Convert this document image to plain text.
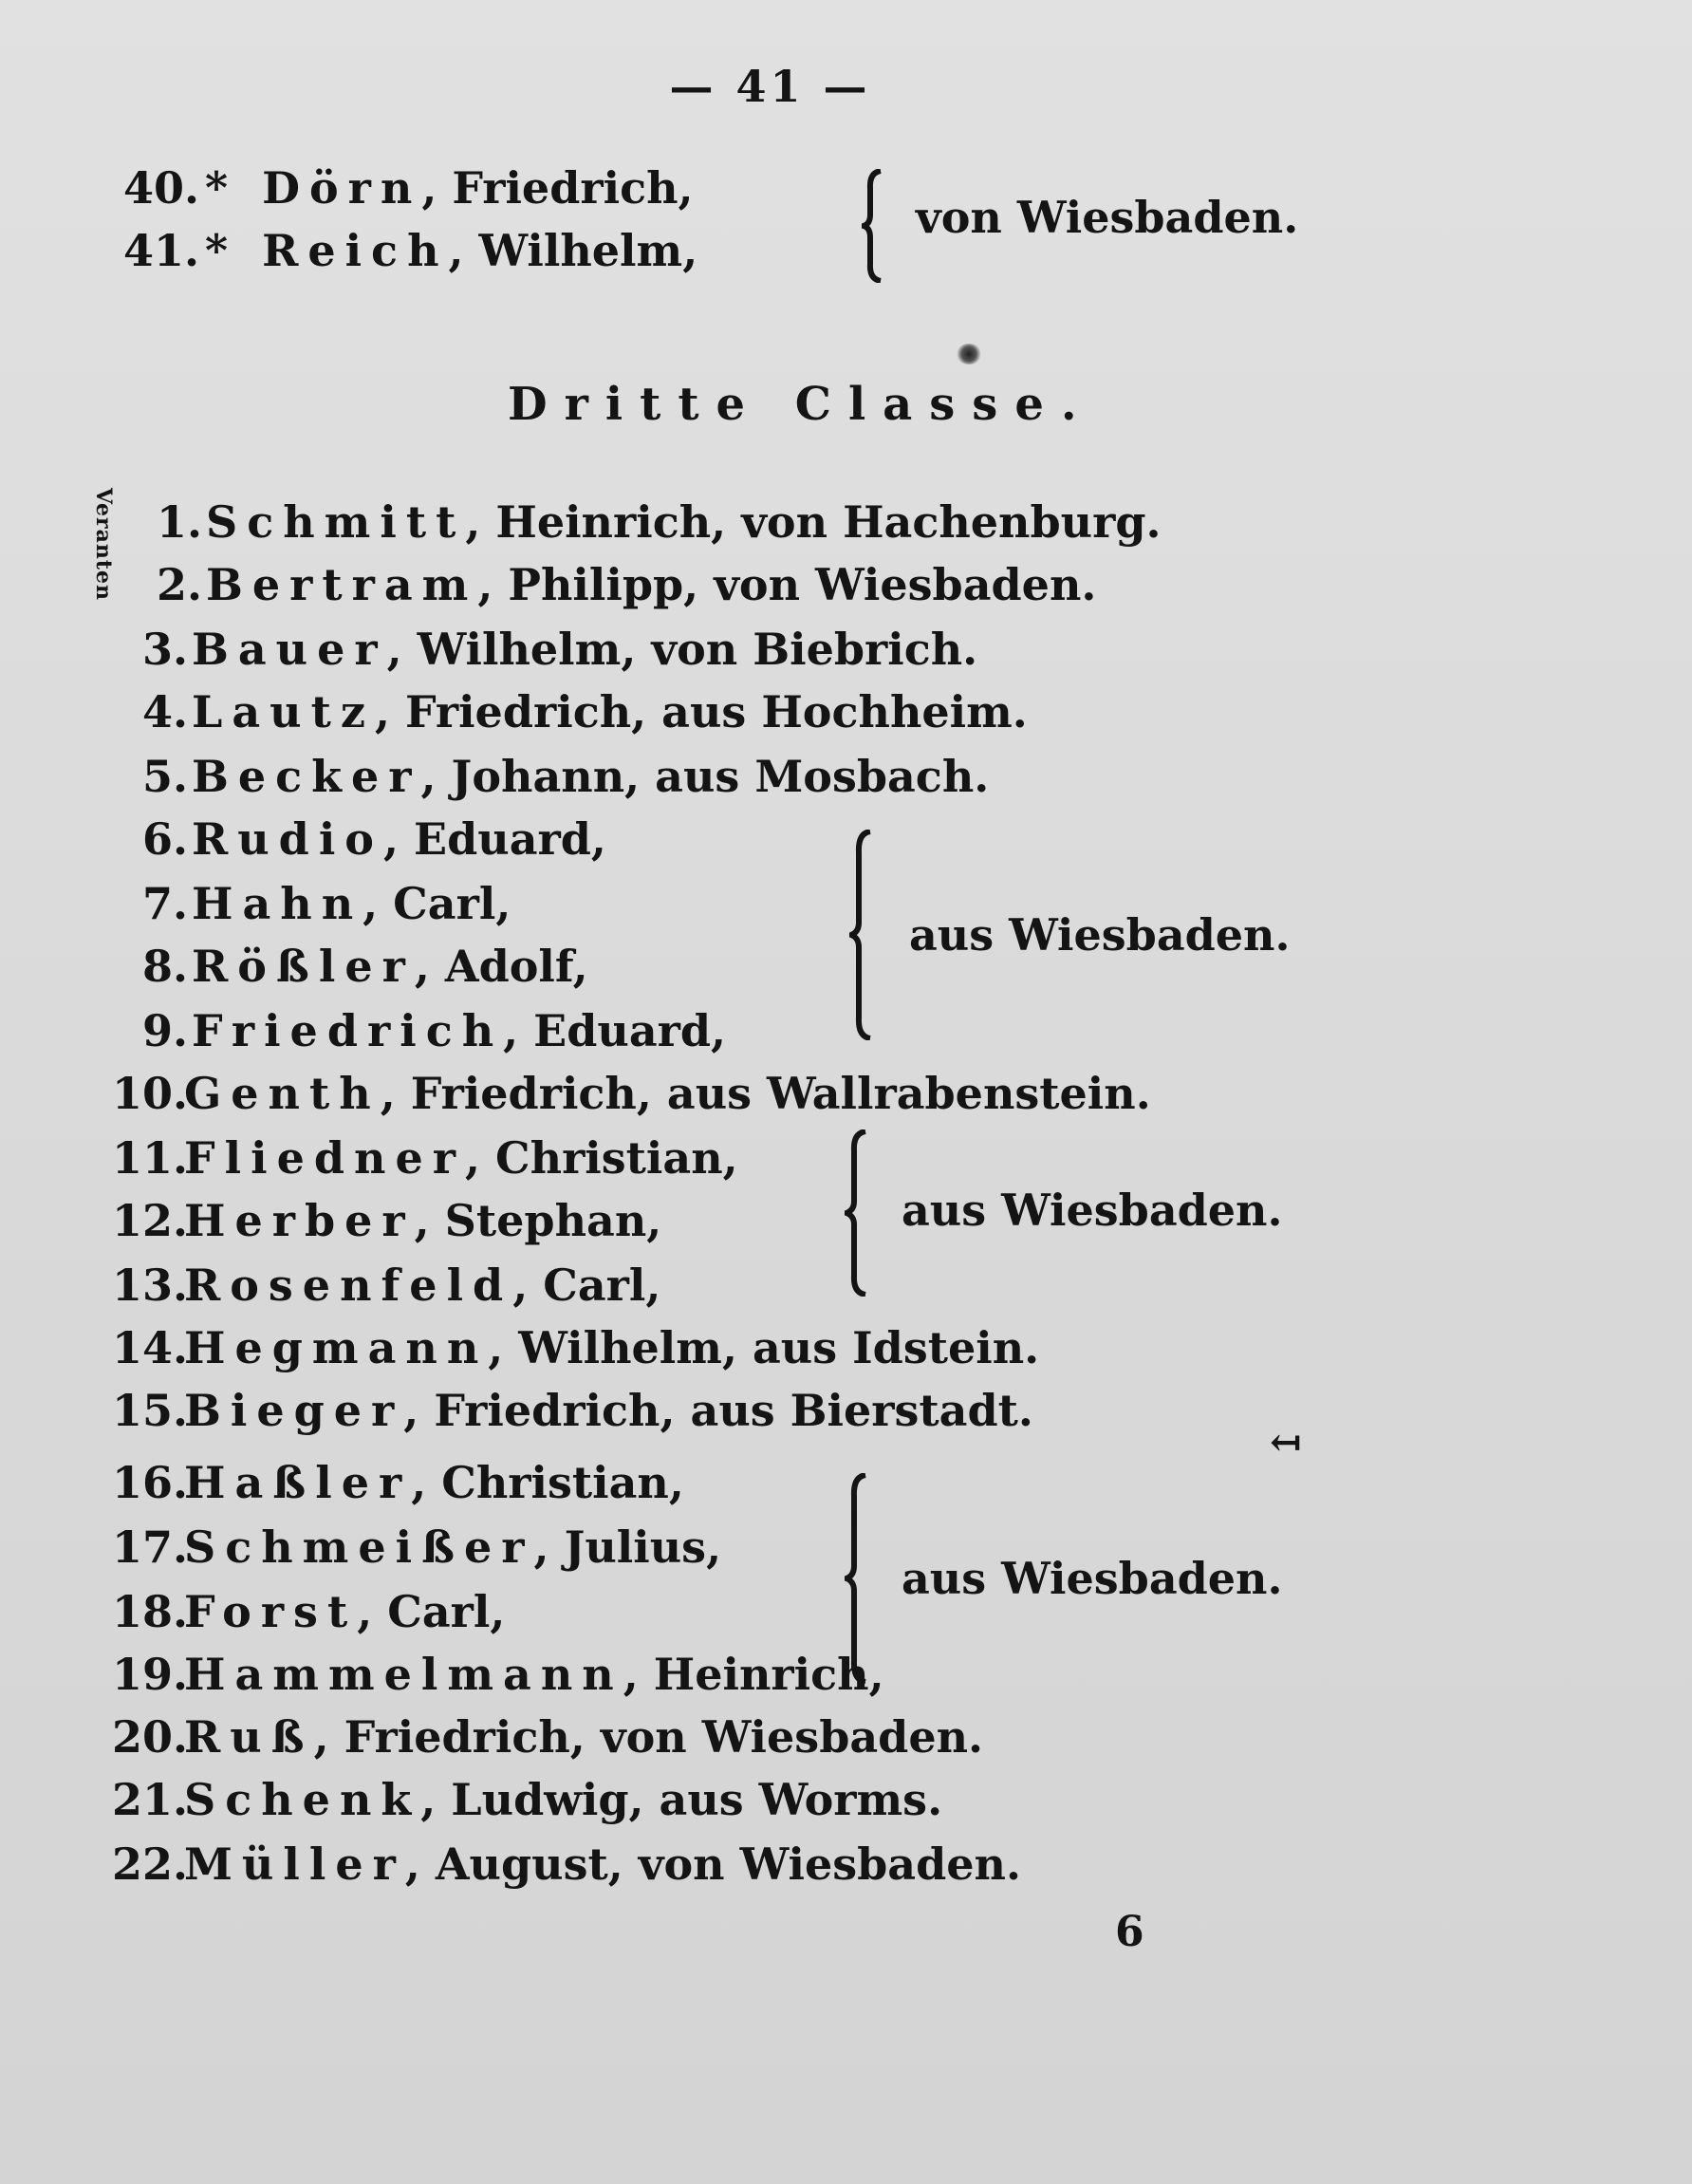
— 41 —
40. * Dörn, Friedrich,
41. * Reich, Wilhelm,
von Wiesbaden.
Dritte Classe.
Veranten 1.Schmitt, Heinrich, von Hachenburg.
2.Bertram, Philipp, von Wiesbaden.
3.Bauer, Wilhelm, von Biebrich.
4.Lautz, Friedrich, aus Hochheim.
5.Becker, Johann, aus Mosbach.
6.Rudio, Eduard,
7.Hahn, Carl,
8.Rößler, Adolf,
9.Friedrich, Eduard,
10.Genth, Friedrich, aus Wallrabenstein.
11.Fliedner, Christian,
12.Herber, Stephan,
13.Rosenfeld, Carl,
14.Hegmann, Wilhelm, aus Idstein.
15.Bieger, Friedrich, aus Bierstadt.
16.Haßler, Christian,
17.Schmeißer, Julius,
18.Forst, Carl,
19.Hammelmann, Heinrich,
20.Ruß, Friedrich, von Wiesbaden.
21.Schenk, Ludwig, aus Worms.
22.Müller, August, von Wiesbaden.
aus Wiesbaden.
aus Wiesbaden.
aus Wiesbaden.
↤
6
